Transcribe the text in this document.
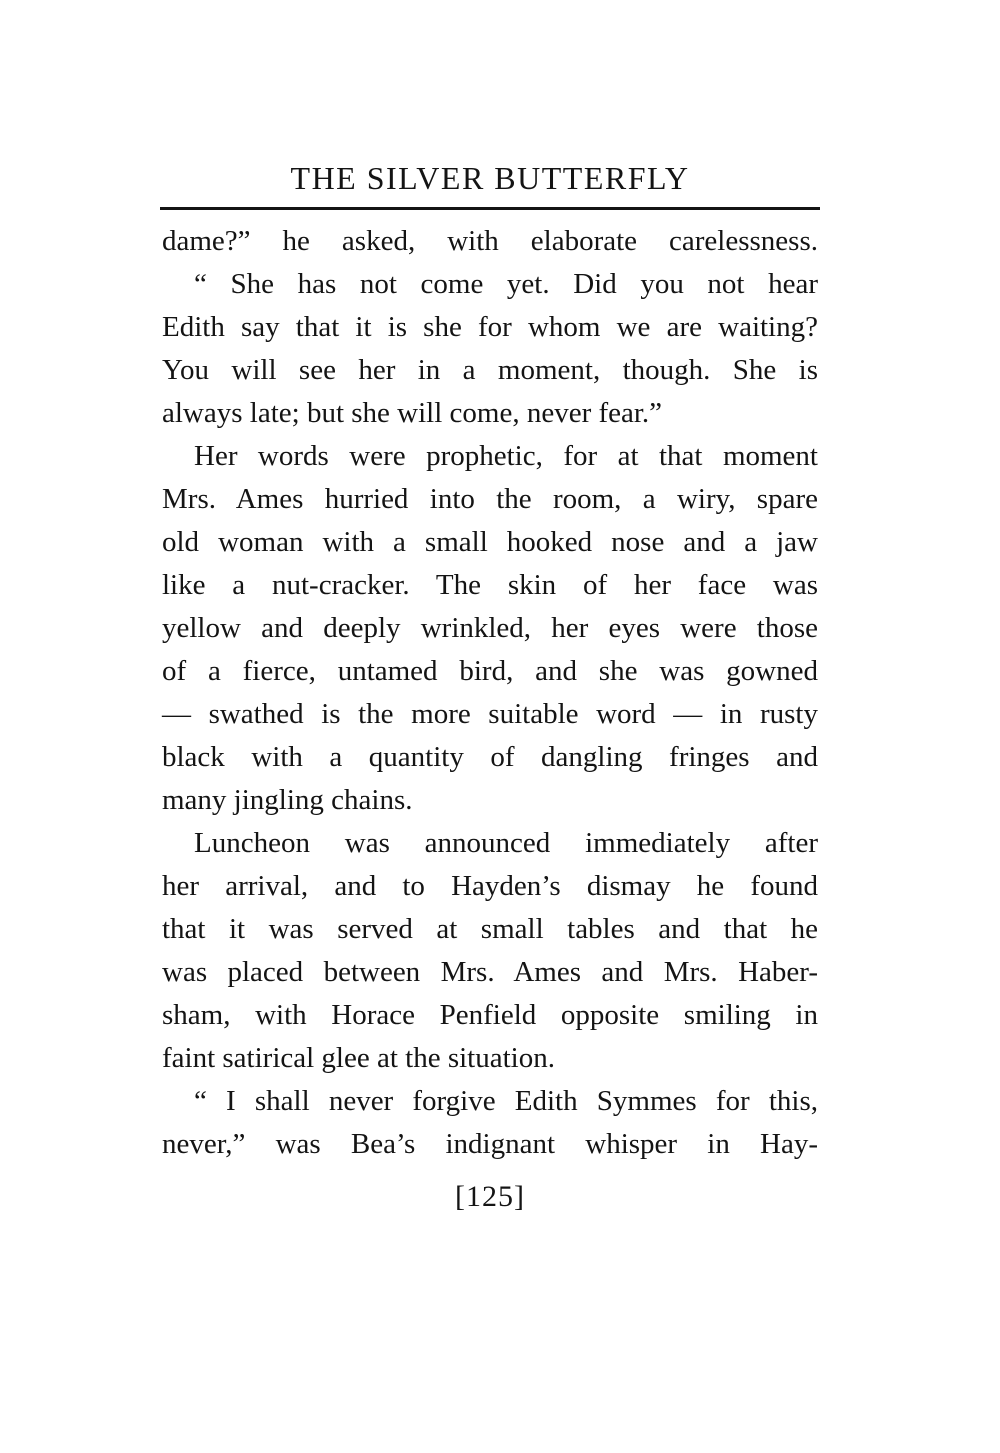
THE SILVER BUTTERFLY
dame?” he asked, with elaborate carelessness.
“ She has not come yet. Did you not hear
Edith say that it is she for whom we are waiting?
You will see her in a moment, though. She is
always late; but she will come, never fear.”
Her words were prophetic, for at that moment
Mrs. Ames hurried into the room, a wiry, spare
old woman with a small hooked nose and a jaw
like a nut-cracker. The skin of her face was
yellow and deeply wrinkled, her eyes were those
of a fierce, untamed bird, and she was gowned
— swathed is the more suitable word — in rusty
black with a quantity of dangling fringes and
many jingling chains.
Luncheon was announced immediately after
her arrival, and to Hayden’s dismay he found
that it was served at small tables and that he
was placed between Mrs. Ames and Mrs. Haber-
sham, with Horace Penfield opposite smiling in
faint satirical glee at the situation.
“ I shall never forgive Edith Symmes for this,
never,” was Bea’s indignant whisper in Hay-
[125]
